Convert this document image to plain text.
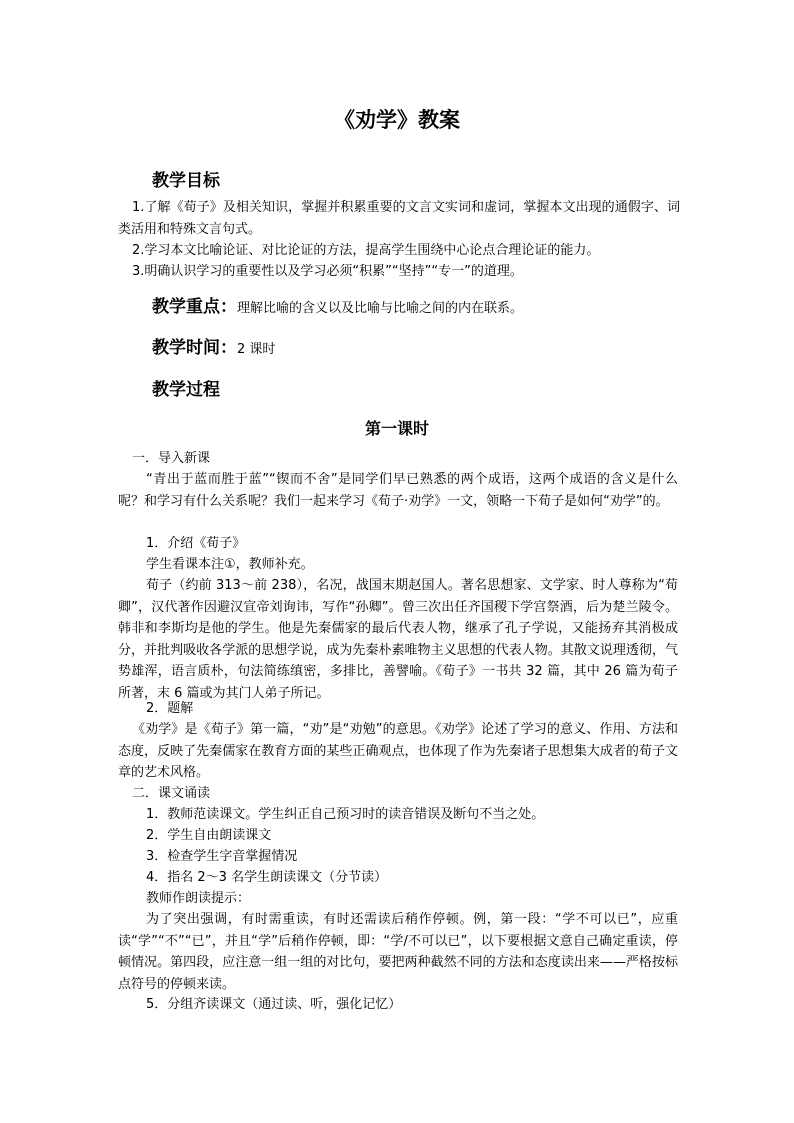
《劝学》教案
教学目标
1.了解《荀子》及相关知识，掌握并积累重要的文言文实词和虚词，掌握本文出现的通假字、词类活用和特殊文言句式。
2.学习本文比喻论证、对比论证的方法，提高学生围绕中心论点合理论证的能力。
3.明确认识学习的重要性以及学习必须“积累”“坚持”“专一”的道理。
教学重点：理解比喻的含义以及比喻与比喻之间的内在联系。
教学时间：2 课时
教学过程
第一课时
一．导入新课
“青出于蓝而胜于蓝”“锲而不舍”是同学们早已熟悉的两个成语，这两个成语的含义是什么呢？和学习有什么关系呢？我们一起来学习《荀子·劝学》一文，领略一下荀子是如何“劝学”的。
1．介绍《荀子》
学生看课本注①，教师补充。
荀子（约前 313～前 238），名况，战国末期赵国人。著名思想家、文学家、时人尊称为“荀卿”，汉代著作因避汉宣帝刘询讳，写作“孙卿”。曾三次出任齐国稷下学宫祭酒，后为楚兰陵令。韩非和李斯均是他的学生。他是先秦儒家的最后代表人物，继承了孔子学说，又能扬弃其消极成分，并批判吸收各学派的思想学说，成为先秦朴素唯物主义思想的代表人物。其散文说理透彻，气势雄浑，语言质朴，句法简练缜密，多排比，善譬喻。《荀子》一书共 32 篇，其中 26 篇为荀子所著，末 6 篇或为其门人弟子所记。
2．题解
《劝学》是《荀子》第一篇，“劝”是“劝勉”的意思。《劝学》论述了学习的意义、作用、方法和态度，反映了先秦儒家在教育方面的某些正确观点，也体现了作为先秦诸子思想集大成者的荀子文章的艺术风格。
二．课文诵读
1．教师范读课文。学生纠正自己预习时的读音错误及断句不当之处。
2．学生自由朗读课文
3．检查学生字音掌握情况
4．指名 2～3 名学生朗读课文（分节读）
教师作朗读提示：
为了突出强调，有时需重读，有时还需读后稍作停顿。例，第一段：“学不可以已”，应重读“学”“不”“已”，并且“学”后稍作停顿，即：“学/不可以已”，以下要根据文意自己确定重读，停顿情况。第四段，应注意一组一组的对比句，要把两种截然不同的方法和态度读出来——严格按标点符号的停顿来读。
5．分组齐读课文（通过读、听，强化记忆）
